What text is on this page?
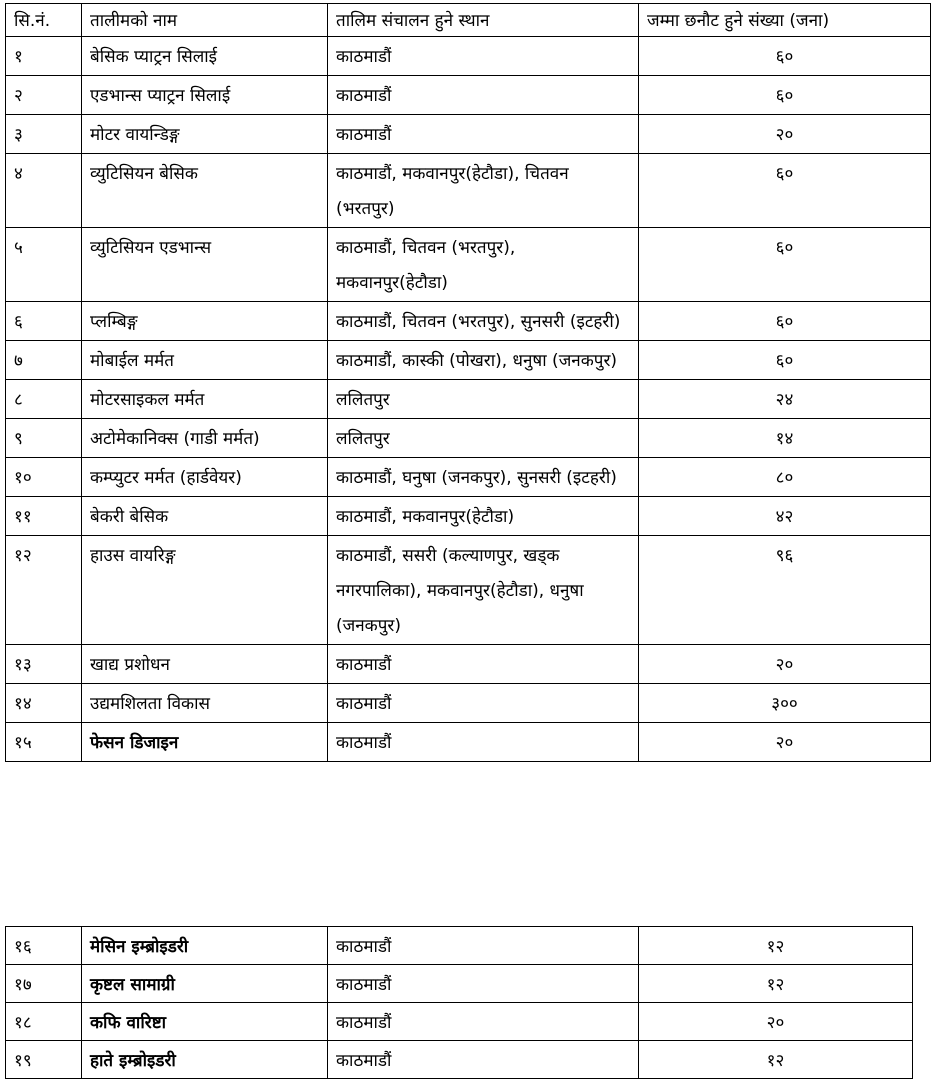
सि.नं.	तालीमको नाम	तालिम संचालन हुने स्थान	जम्मा छनौट हुने संख्या (जना)
१	बेसिक प्याट्रन सिलाई	काठमाडौं	६०
२	एडभान्स प्याट्रन सिलाई	काठमाडौं	६०
३	मोटर वायन्डिङ्ग	काठमाडौं	२०
४	व्युटिसियन बेसिक	काठमाडौं, मकवानपुर(हेटौडा), चितवन (भरतपुर)	६०
५	व्युटिसियन एडभान्स	काठमाडौं, चितवन (भरतपुर), मकवानपुर(हेटौडा)	६०
६	प्लम्बिङ्ग	काठमाडौं, चितवन (भरतपुर), सुनसरी (इटहरी)	६०
७	मोबाईल मर्मत	काठमाडौं, कास्की (पोखरा), धनुषा (जनकपुर)	६०
८	मोटरसाइकल मर्मत	ललितपुर	२४
९	अटोमेकानिक्स (गाडी मर्मत)	ललितपुर	१४
१०	कम्प्युटर मर्मत (हार्डवेयर)	काठमाडौं, घनुषा (जनकपुर), सुनसरी (इटहरी)	८०
११	बेकरी बेसिक	काठमाडौं, मकवानपुर(हेटौडा)	४२
१२	हाउस वायरिङ्ग	काठमाडौं, ससरी (कल्याणपुर, खड्क नगरपालिका), मकवानपुर(हेटौडा), धनुषा (जनकपुर)	९६
१३	खाद्य प्रशोधन	काठमाडौं	२०
१४	उद्यमशिलता विकास	काठमाडौं	३००
१५	फेसन डिजाइन	काठमाडौं	२०
१६	मेसिन इम्ब्रोइडरी	काठमाडौं	१२
१७	कृष्टल सामाग्री	काठमाडौं	१२
१८	कफि वारिष्टा	काठमाडौं	२०
१९	हाते इम्ब्रोइडरी	काठमाडौं	१२
